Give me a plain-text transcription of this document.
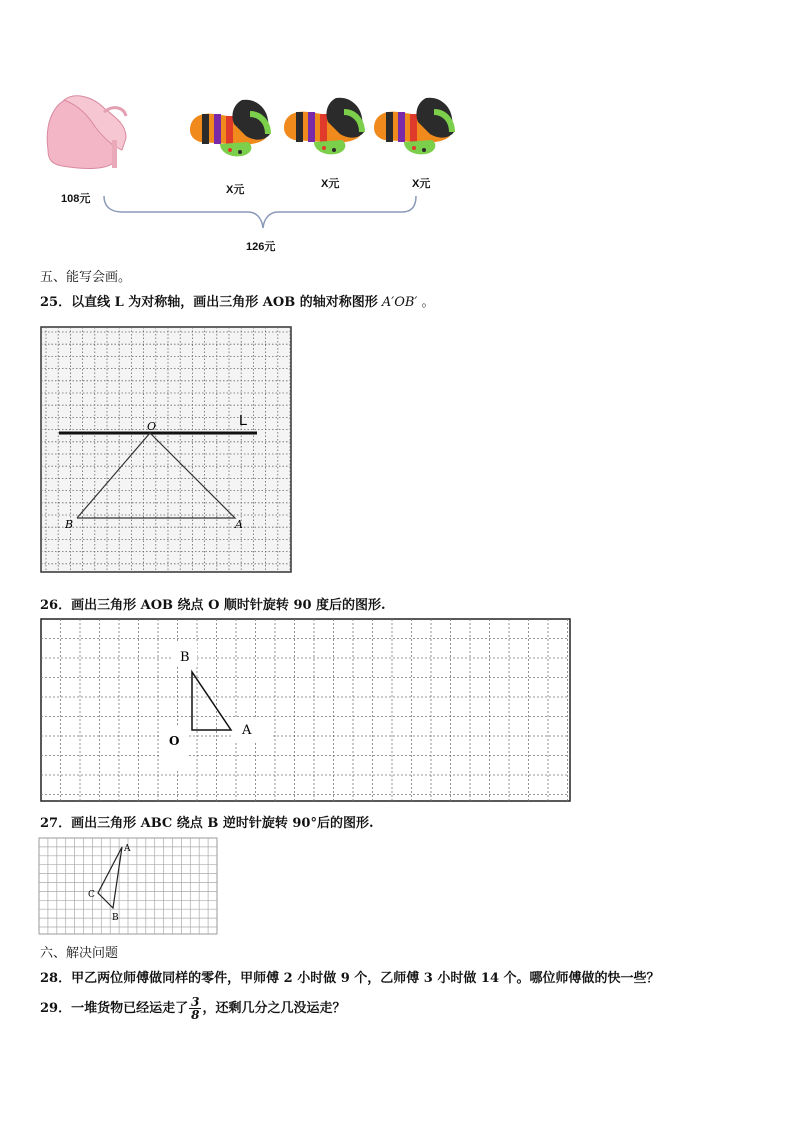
108元
X元	X元	X元
126元
五、能写会画。
25．以直线 L 为对称轴，画出三角形 AOB 的轴对称图形 A′OB′ 。
L
O
B	A
26．画出三角形 AOB 绕点 O 顺时针旋转 90 度后的图形.
B
A
O
27．画出三角形 ABC 绕点 B 逆时针旋转 90°后的图形.
A
C
B
六、解决问题
28．甲乙两位师傅做同样的零件，甲师傅 2 小时做 9 个，乙师傅 3 小时做 14 个。哪位师傅做的快一些？
29．一堆货物已经运走了 $\frac{3}{8}$ ，还剩几分之几没运走？
